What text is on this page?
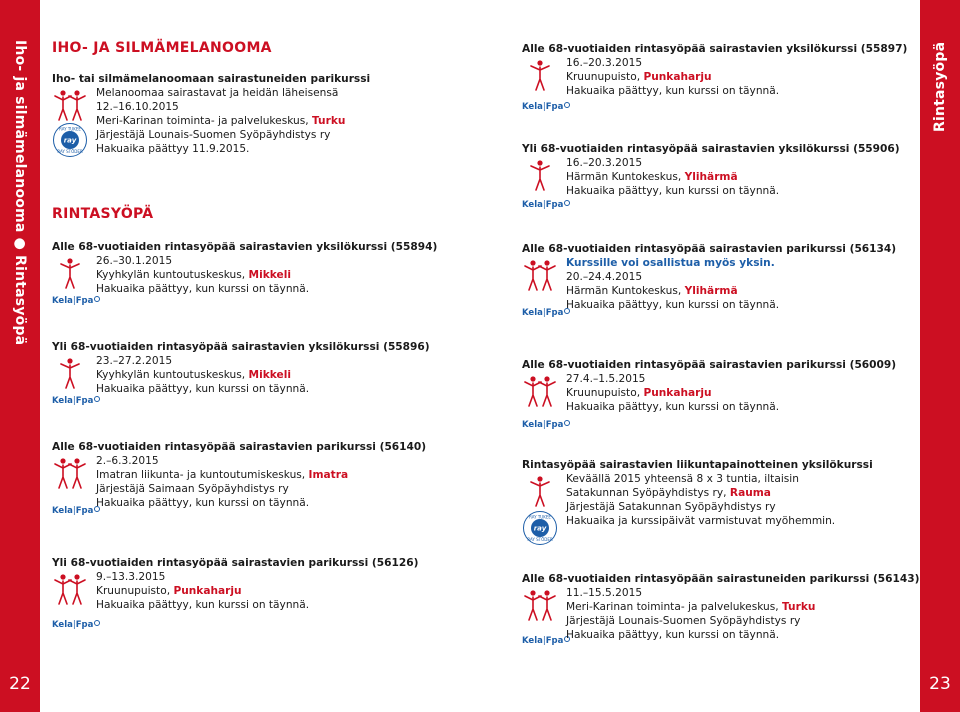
Iho- ja silmämelanooma ● Rintasyöpä
22
Rintasyöpä
23
IHO- JA SILMÄMELANOOMA
Iho- tai silmämelanoomaan sairastuneiden parikurssi
RAY TUKEE
ray
RAY STÖDER
Melanoomaa sairastavat ja heidän läheisensä
12.–16.10.2015
Meri-Karinan toiminta- ja palvelukeskus, Turku
Järjestäjä Lounais-Suomen Syöpäyhdistys ry
Hakuaika päättyy 11.9.2015.
RINTASYÖPÄ
Alle 68-vuotiaiden rintasyöpää sairastavien yksilökurssi (55894)
Kela|Fpa
26.–30.1.2015
Kyyhkylän kuntoutuskeskus, Mikkeli
Hakuaika päättyy, kun kurssi on täynnä.
Yli 68-vuotiaiden rintasyöpää sairastavien yksilökurssi (55896)
Kela|Fpa
23.–27.2.2015
Kyyhkylän kuntoutuskeskus, Mikkeli
Hakuaika päättyy, kun kurssi on täynnä.
Alle 68-vuotiaiden rintasyöpää sairastavien parikurssi (56140)
Kela|Fpa
2.–6.3.2015
Imatran liikunta- ja kuntoutumiskeskus, Imatra
Järjestäjä Saimaan Syöpäyhdistys ry
Hakuaika päättyy, kun kurssi on täynnä.
Yli 68-vuotiaiden rintasyöpää sairastavien parikurssi (56126)
Kela|Fpa
9.–13.3.2015
Kruunupuisto, Punkaharju
Hakuaika päättyy, kun kurssi on täynnä.
Alle 68-vuotiaiden rintasyöpää sairastavien yksilökurssi (55897)
Kela|Fpa
16.–20.3.2015
Kruunupuisto, Punkaharju
Hakuaika päättyy, kun kurssi on täynnä.
Yli 68-vuotiaiden rintasyöpää sairastavien yksilökurssi (55906)
Kela|Fpa
16.–20.3.2015
Härmän Kuntokeskus, Ylihärmä
Hakuaika päättyy, kun kurssi on täynnä.
Alle 68-vuotiaiden rintasyöpää sairastavien parikurssi (56134)
Kela|Fpa
Kurssille voi osallistua myös yksin.
20.–24.4.2015
Härmän Kuntokeskus, Ylihärmä
Hakuaika päättyy, kun kurssi on täynnä.
Alle 68-vuotiaiden rintasyöpää sairastavien parikurssi (56009)
Kela|Fpa
27.4.–1.5.2015
Kruunupuisto, Punkaharju
Hakuaika päättyy, kun kurssi on täynnä.
Rintasyöpää sairastavien liikuntapainotteinen yksilökurssi
RAY TUKEE
ray
RAY STÖDER
Keväällä 2015 yhteensä 8 x 3 tuntia, iltaisin
Satakunnan Syöpäyhdistys ry, Rauma
Järjestäjä Satakunnan Syöpäyhdistys ry
Hakuaika ja kurssipäivät varmistuvat myöhemmin.
Alle 68-vuotiaiden rintasyöpään sairastuneiden parikurssi (56143)
Kela|Fpa
11.–15.5.2015
Meri-Karinan toiminta- ja palvelukeskus, Turku
Järjestäjä Lounais-Suomen Syöpäyhdistys ry
Hakuaika päättyy, kun kurssi on täynnä.
